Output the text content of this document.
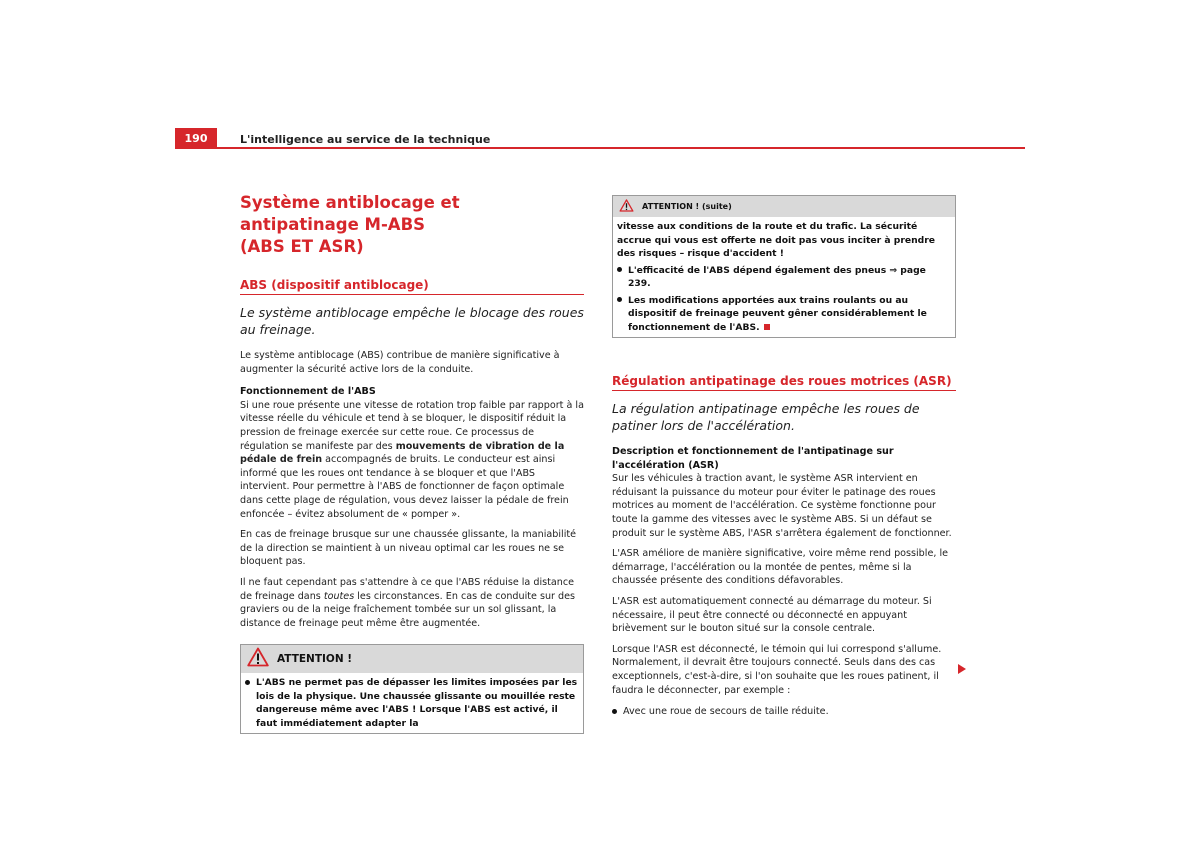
190	L'intelligence au service de la technique
Système antiblocage et antipatinage M-ABS
(ABS ET ASR)
ABS (dispositif antiblocage)

Le système antiblocage empêche le blocage des roues au freinage.

Le système antiblocage (ABS) contribue de manière significative à augmenter la sécurité active lors de la conduite.

Fonctionnement de l'ABS

Si une roue présente une vitesse de rotation trop faible par rapport à la vitesse réelle du véhicule et tend à se bloquer, le dispositif réduit la pression de freinage exercée sur cette roue. Ce processus de régulation se manifeste par des mouvements de vibration de la pédale de frein accompagnés de bruits. Le conducteur est ainsi informé que les roues ont tendance à se bloquer et que l'ABS intervient. Pour permettre à l'ABS de fonctionner de façon optimale dans cette plage de régulation, vous devez laisser la pédale de frein enfoncée – évitez absolument de « pomper ».

En cas de freinage brusque sur une chaussée glissante, la maniabilité de la direction se maintient à un niveau optimal car les roues ne se bloquent pas.

Il ne faut cependant pas s'attendre à ce que l'ABS réduise la distance de freinage dans toutes les circonstances. En cas de conduite sur des graviers ou de la neige fraîchement tombée sur un sol glissant, la distance de freinage peut même être augmentée.

ATTENTION !
L'ABS ne permet pas de dépasser les limites imposées par les lois de la physique. Une chaussée glissante ou mouillée reste dangereuse même avec l'ABS ! Lorsque l'ABS est activé, il faut immédiatement adapter la
ATTENTION ! (suite)
vitesse aux conditions de la route et du trafic. La sécurité accrue qui vous est offerte ne doit pas vous inciter à prendre des risques – risque d'accident !
L'efficacité de l'ABS dépend également des pneus ⇒ page 239.
Les modifications apportées aux trains roulants ou au dispositif de freinage peuvent gêner considérablement le fonctionnement de l'ABS.
Régulation antipatinage des roues motrices (ASR)

La régulation antipatinage empêche les roues de patiner lors de l'accélération.

Description et fonctionnement de l'antipatinage sur l'accélération (ASR)

Sur les véhicules à traction avant, le système ASR intervient en réduisant la puissance du moteur pour éviter le patinage des roues motrices au moment de l'accélération. Ce système fonctionne pour toute la gamme des vitesses avec le système ABS. Si un défaut se produit sur le système ABS, l'ASR s'arrêtera également de fonctionner.

L'ASR améliore de manière significative, voire même rend possible, le démarrage, l'accélération ou la montée de pentes, même si la chaussée présente des conditions défavorables.

L'ASR est automatiquement connecté au démarrage du moteur. Si nécessaire, il peut être connecté ou déconnecté en appuyant brièvement sur le bouton situé sur la console centrale.

Lorsque l'ASR est déconnecté, le témoin qui lui correspond s'allume. Normalement, il devrait être toujours connecté. Seuls dans des cas exceptionnels, c'est-à-dire, si l'on souhaite que les roues patinent, il faudra le déconnecter, par exemple :

Avec une roue de secours de taille réduite.
